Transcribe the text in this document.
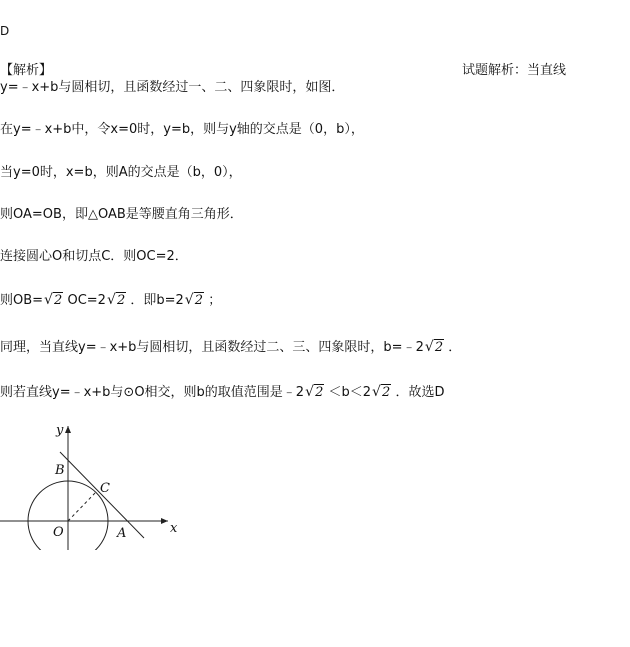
D
【解析】	试题解析：当直线
y=﹣x+b与圆相切，且函数经过一、二、四象限时，如图．
在y=﹣x+b中，令x=0时，y=b，则与y轴的交点是（0，b），
当y=0时，x=b，则A的交点是（b，0），
则OA=OB，即△OAB是等腰直角三角形．
连接圆心O和切点C．则OC=2．
则OB= √ 2 OC=2 √ 2 ．即b=2 √ 2 ；
同理，当直线y=﹣x+b与圆相切，且函数经过二、三、四象限时，b=﹣2 √ 2 ．
则若直线y=﹣x+b与⊙O相交，则b的取值范围是﹣2 √ 2 ＜b＜2 √ 2 ．故选D
y
x
B
C
O	A
